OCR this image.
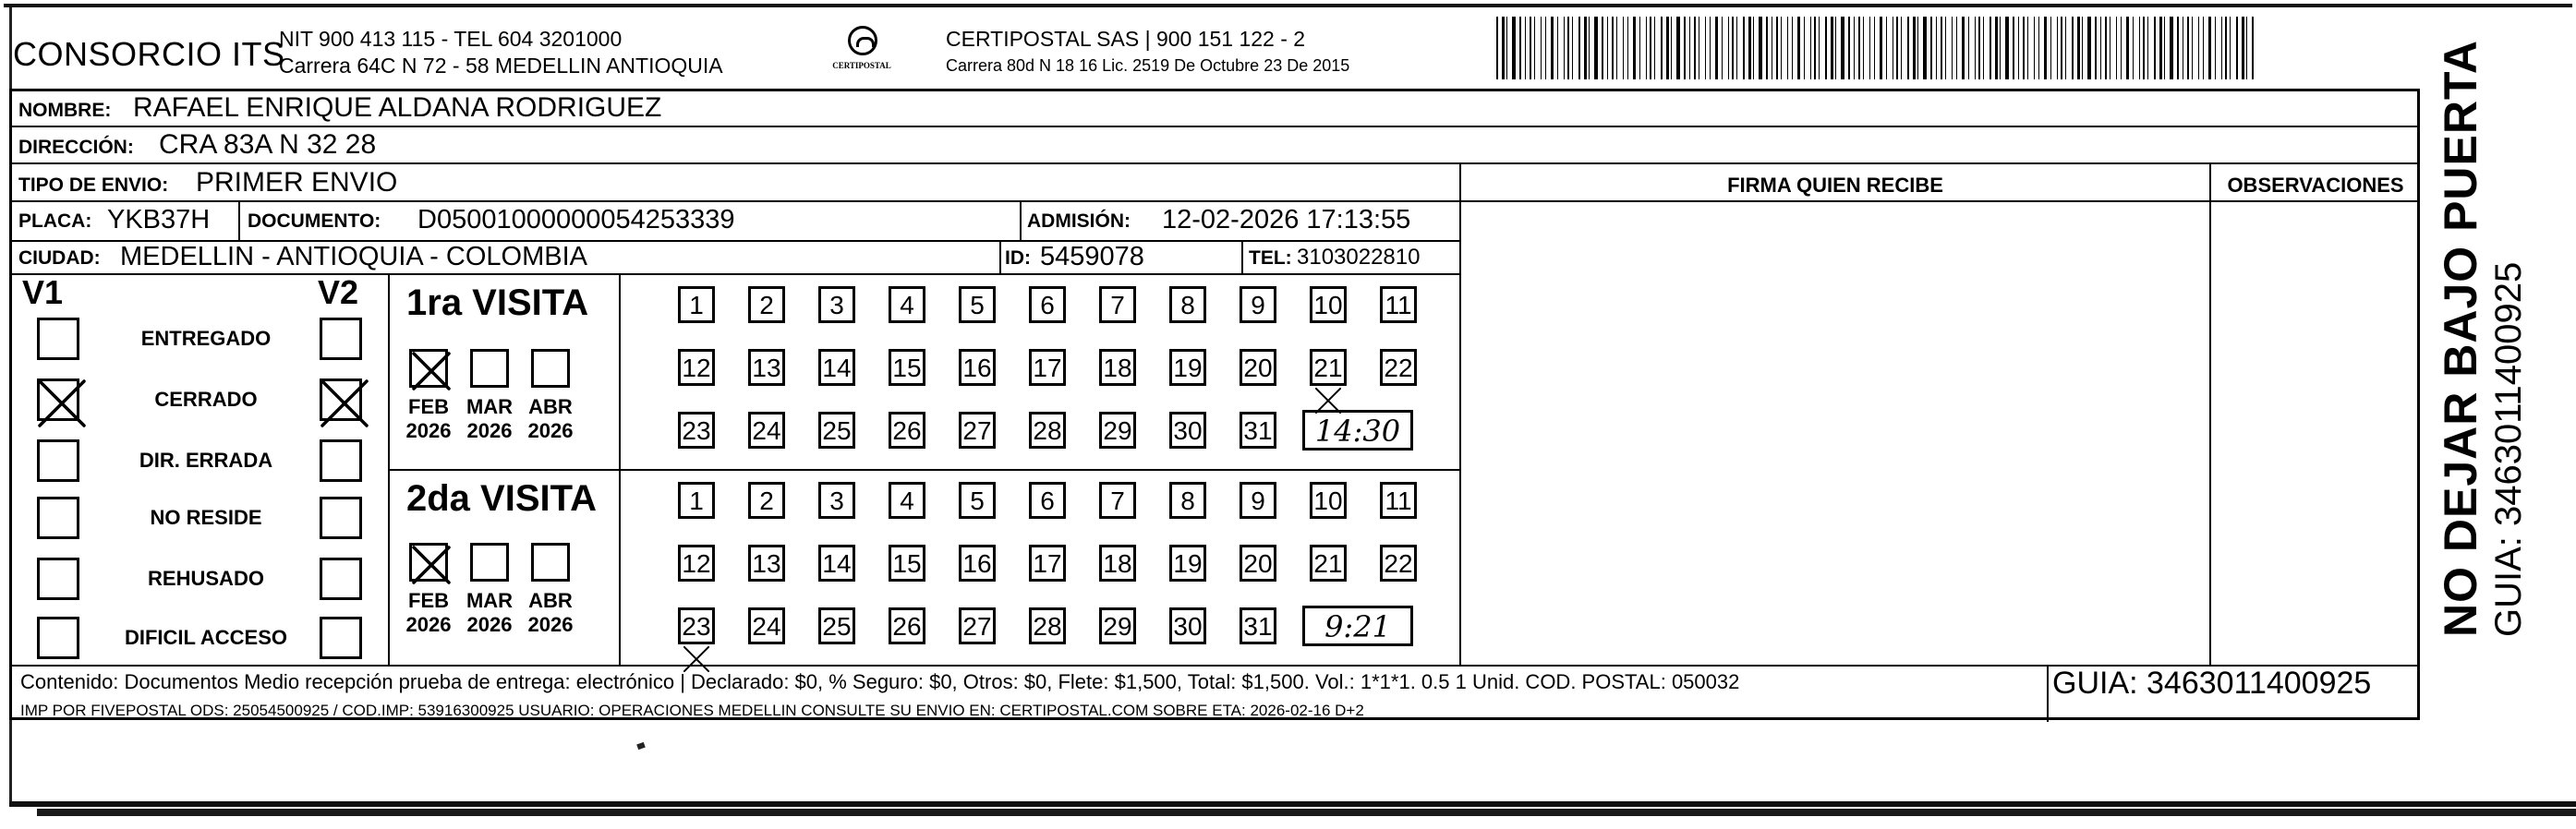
CONSORCIO ITS
NIT 900 413 115 - TEL 604 3201000
Carrera 64C N 72 - 58 MEDELLIN ANTIOQUIA	CERTIPOSTAL
CERTIPOSTAL SAS | 900 151 122 - 2
Carrera 80d N 18 16 Lic. 2519 De Octubre 23 De 2015
NOMBRE: RAFAEL ENRIQUE ALDANA RODRIGUEZ
DIRECCIÓN: CRA 83A N 32 28
TIPO DE ENVIO: PRIMER ENVIO	FIRMA QUIEN RECIBE	OBSERVACIONES
PLACA: YKB37H DOCUMENTO: D05001000000054253339	ADMISIÓN: 12-02-2026 17:13:55
CIUDAD: MEDELLIN - ANTIOQUIA - COLOMBIA	ID: 5459078	TEL: 3103022810
V1	V2 1ra VISITA
2da VISITA
Contenido: Documentos Medio recepción prueba de entrega: electrónico | Declarado: $0, % Seguro: $0, Otros: $0, Flete: $1,500, Total: $1,500. Vol.: 1*1*1. 0.5 1 Unid. COD. POSTAL: 050032
IMP POR FIVEPOSTAL ODS: 25054500925 / COD.IMP: 53916300925 USUARIO: OPERACIONES MEDELLIN CONSULTE SU ENVIO EN: CERTIPOSTAL.COM SOBRE ETA: 2026-02-16 D+2
GUIA: 3463011400925
NO DEJAR BAJO PUERTA GUIA: 3463011400925
ENTREGADO
CERRADO
DIR. ERRADA
NO RESIDE
REHUSADO
DIFICIL ACCESO
FEB
2026
MAR
2026
ABR
2026
1	2	3	4	5	6	7	8	9	10 11
12 13 14 15 16 17 18 19 20 21 22
23 24 25 26 27 28 29 30 31	14:30
FEB
2026
MAR
2026
ABR
2026
1	2	3	4	5	6	7	8	9	10 11
12 13 14 15 16 17 18 19 20 21 22
23 24 25 26 27 28 29 30 31	9:21
